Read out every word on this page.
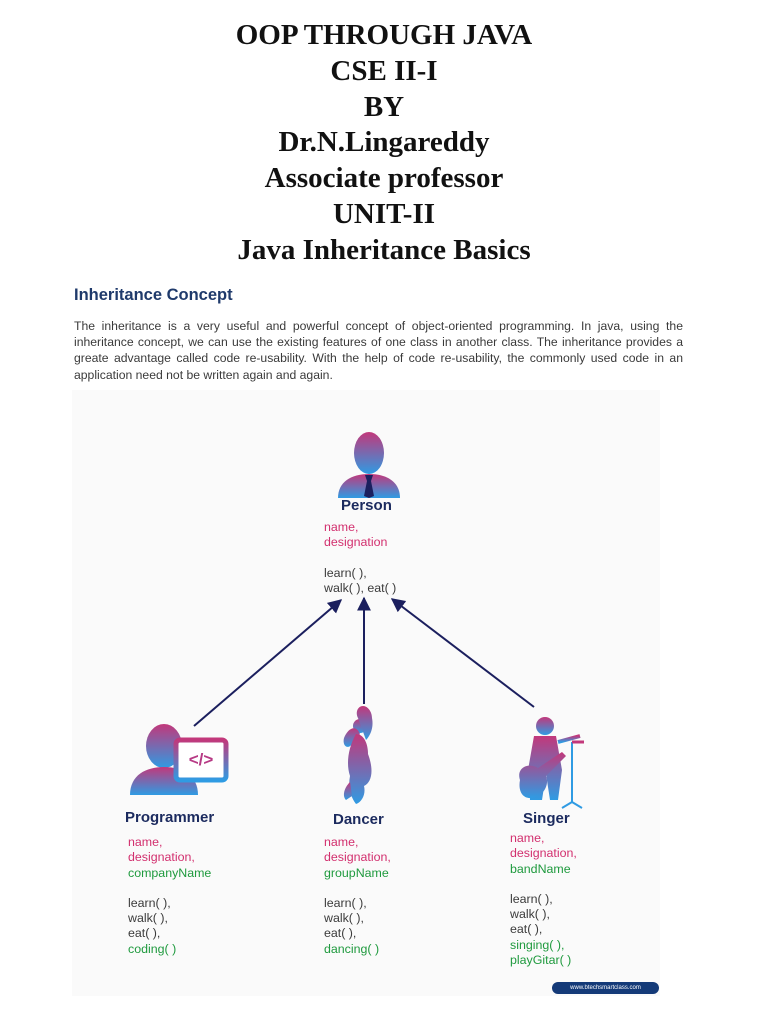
OOP THROUGH JAVA
CSE II-I
BY
Dr.N.Lingareddy
Associate professor
UNIT-II
Java Inheritance Basics
Inheritance Concept

The inheritance is a very useful and powerful concept of object-oriented programming. In java, using the inheritance concept, we can use the existing features of one class in another class. The inheritance provides a greate advantage called code re-usability. With the help of code re-usability, the commonly used code in an application need not be written again and again.

</>
Person
name,
designation
learn( ),
walk( ), eat( )
Programmer
name,
designation,
companyName
learn( ),
walk( ),
eat( ),
coding( )
Dancer
name,
designation,
groupName
learn( ),
walk( ),
eat( ),
dancing( )
Singer
name,
designation,
bandName
learn( ),
walk( ),
eat( ),
singing( ),
playGitar( )
www.btechsmartclass.com
